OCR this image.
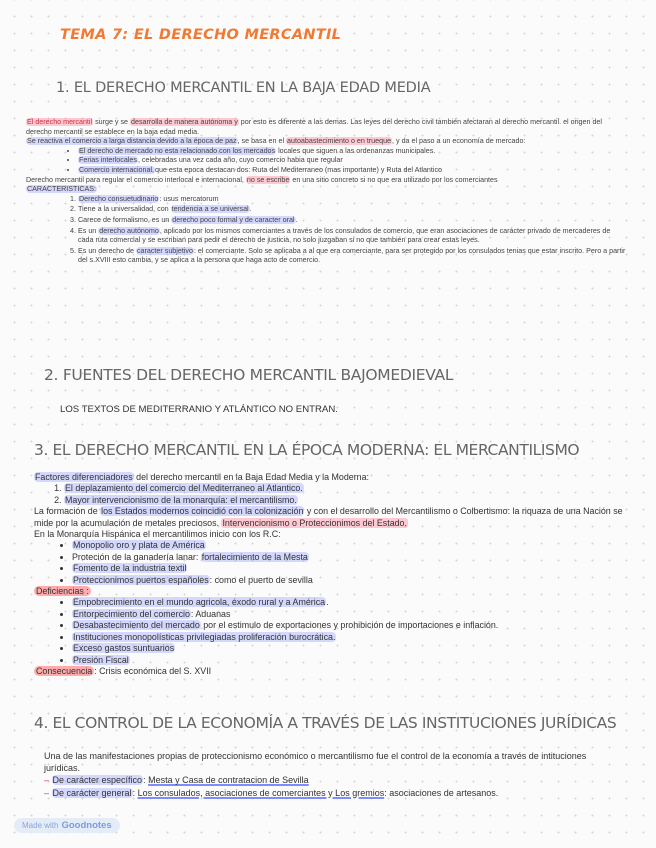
TEMA 7: EL DERECHO MERCANTIL
1. EL DERECHO MERCANTIL EN LA BAJA EDAD MEDIA

El derecho mercantil surge y se desarrolla de manera autónoma y por esto es diferente a las demas. Las leyes del derecho civil también afectaran al derecho mercantil. el origen del derecho mercantil se establece en la baja edad media.

Se reactiva el comercio a larga distancia devido a la época de paz, se basa en el autoabastecimiento o en trueque, y da el paso a un economía de mercado:

• El derecho de mercado no esta relacionado con los mercados locales que siguen a las ordenanzas municipales.
• Ferias interlocales, celebradas una vez cada año, cuyo comercio habia que regular
• Comercio internacional,que esta epoca destacan dos: Ruta del Mediterraneo (mas importante) y Ruta del Atlantico

Derecho mercantil para regular el comercio interlocal e internacional, no se escribe en una sitio concreto si no que era utilizado por los comerciantes

CARACTERISTICAS:

1. Derecho consuetudinario: usus mercatorum
2. Tiene a la universalidad, con tendencia a se universal.
3. Carece de formalismo, es un derecho poco formal y de caracter oral.
4. Es un derecho autónomo, aplicado por los mismos comerciantes a través de los consulados de comercio, que eran asociaciones de carácter privado de mercaderes de cada ruta comercial y se escribian para pedir el derecho de justicia, no solo juzgaban si no que también para crear estas leyes.
5. Es un derecho de caracter subjetivo: el comerciante. Solo se aplicaba a al que era comerciante, para ser protegido por los consulados tenias que estar inscrito. Pero a partir del s.XVIII esto cambia, y se aplica a la persona que haga acto de comercio.
2. FUENTES DEL DERECHO MERCANTIL BAJOMEDIEVAL
LOS TEXTOS DE MEDITERRANIO Y ATLÁNTICO NO ENTRAN.
3. EL DERECHO MERCANTIL EN LA ÉPOCA MODERNA: EL MERCANTILISMO

Factores diferenciadores del derecho mercantil en la Baja Edad Media y la Moderna:

1. El deplazamiento del comercio del Mediterraneo al Atlantico.
2. Mayor intervencionismo de la monarquía: el mercantilismo.

La formación de los Estados modernos coincidió con la colonización y con el desarrollo del Mercantilismo o Colbertismo: la riquaza de una Nación se mide por la acumulación de metales preciosos. Intervencionismo o Proteccionimos del Estado.

En la Monarquía Hispánica el mercantilimos inicio con los R.C:

• Monopolio oro y plata de América
• Proteción de la ganadería lanar: fortalecimiento de la Mesta
• Fomento de la industria textil
• Proteccionimos puertos españoles: como el puerto de sevilla

Deficiencias :

• Empobrecimiento en el mundo agricola, éxodo rural y a América.
• Entorpecimiento del comercio: Aduanas
• Desabastecimiento del mercado por el estimulo de exportaciones y prohibición de importaciones e inflación.
• Instituciones monopolísticas privilegiadas proliferación burocrática.
• Exceso gastos suntuarios
• Presión Fiscal

Consecuencia : Crisis económica del S. XVII

4. EL CONTROL DE LA ECONOMÍA A TRAVÉS DE LAS INSTITUCIONES JURÍDICAS

Una de las manifestaciones propias de proteccionismo económico o mercantilismo fue el control de la economía a través de intituciones jurídicas.

– De carácter específico: Mesta y Casa de contratacion de Sevilla

– De carácter general: Los consulados, asociaciones de comerciantes y Los gremios: asociaciones de artesanos.

Made with Goodnotes
